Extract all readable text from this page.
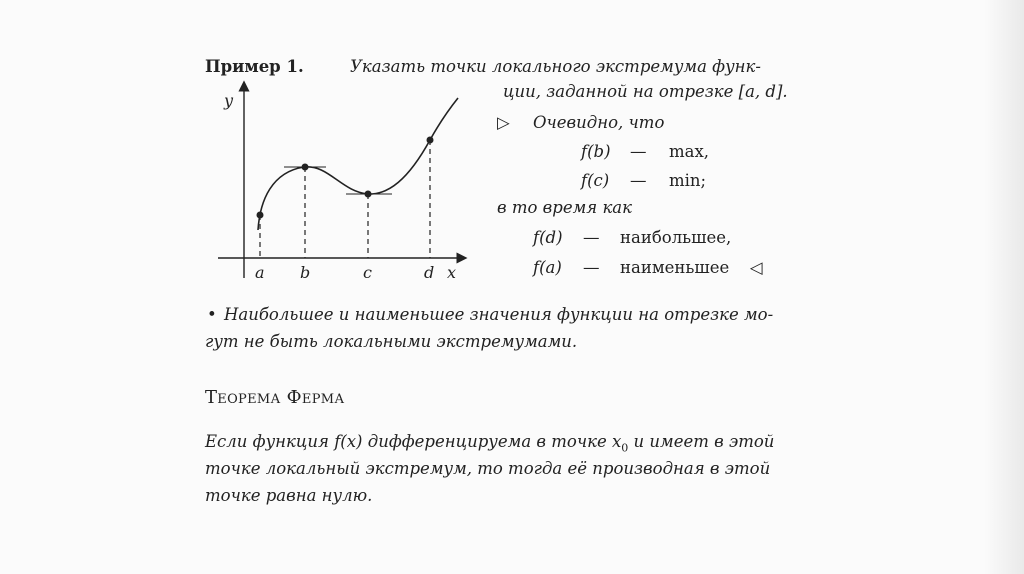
Пример 1.	Указать точки локального экстремума функ-
ции, заданной на отрезке [a, d].
y
x
a b	c	d
▷ Очевидно, что
f(b) — max,
f(c) — min;
в то время как
f(d) — наибольшее,
f(a) — наименьшее ◁
• Наибольшее и наименьшее значения функции на отрезке мо-
гут не быть локальными экстремумами.
Теорема Ферма
Если функция f(x) дифференцируема в точке $x_0$ и имеет в этой
точке локальный экстремум, то тогда её производная в этой
точке равна нулю.
